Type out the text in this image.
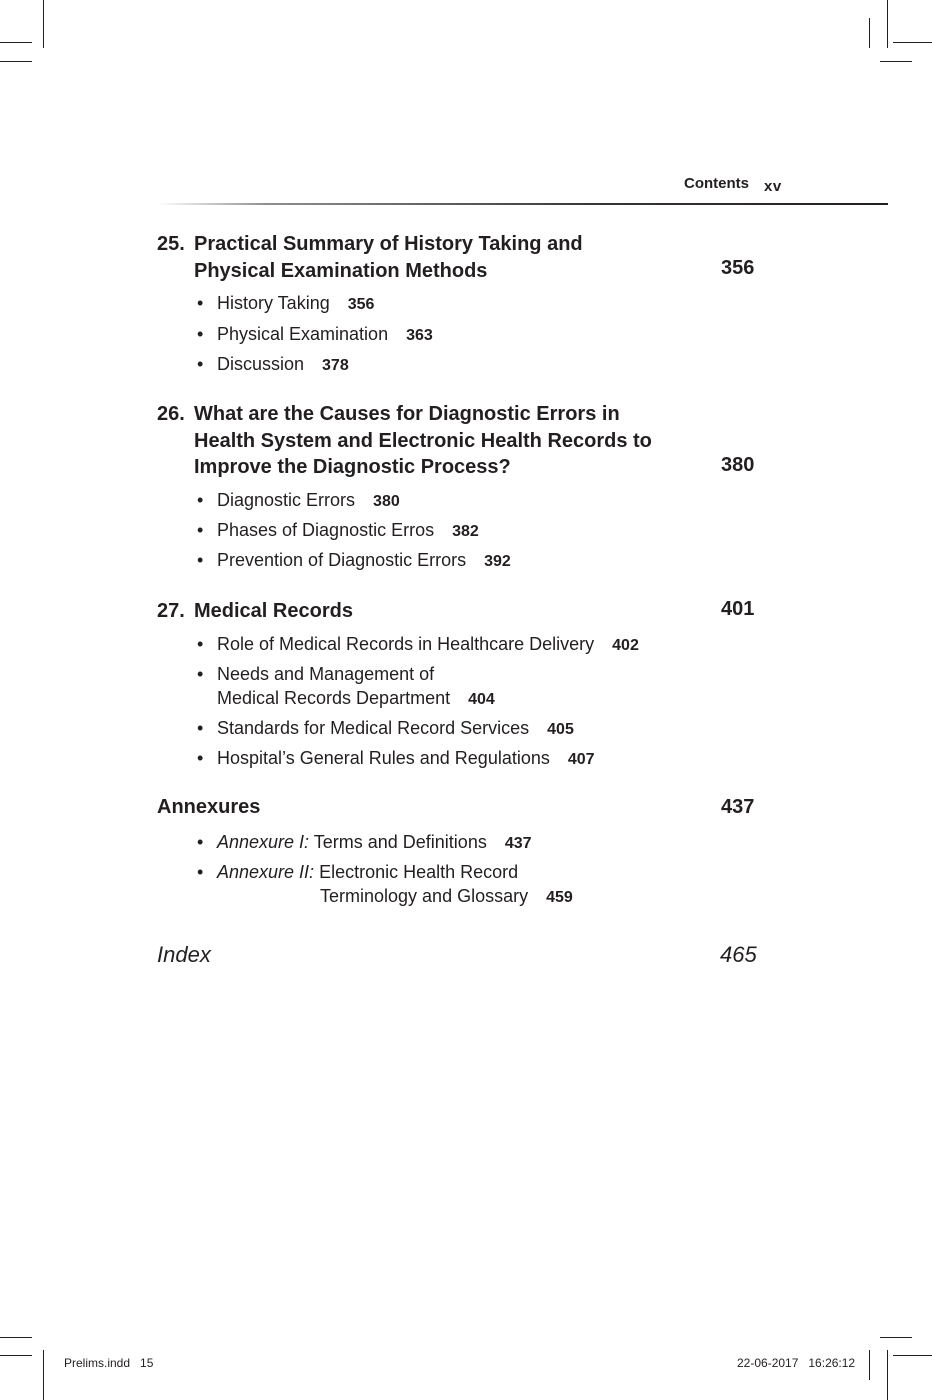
Contents xv
25. Practical Summary of History Taking and
Physical Examination Methods	356
• History Taking 356
• Physical Examination 363
• Discussion 378
26. What are the Causes for Diagnostic Errors in
Health System and Electronic Health Records to
Improve the Diagnostic Process?	380
• Diagnostic Errors 380
• Phases of Diagnostic Erros 382
• Prevention of Diagnostic Errors 392
27. Medical Records	401
• Role of Medical Records in Healthcare Delivery 402
• Needs and Management of
Medical Records Department 404
• Standards for Medical Record Services 405
• Hospital’s General Rules and Regulations 407
Annexures	437
• Annexure I: Terms and Definitions 437
• Annexure II: Electronic Health Record
Terminology and Glossary 459
Index	465
Prelims.indd   15	22-06-2017   16:26:12
